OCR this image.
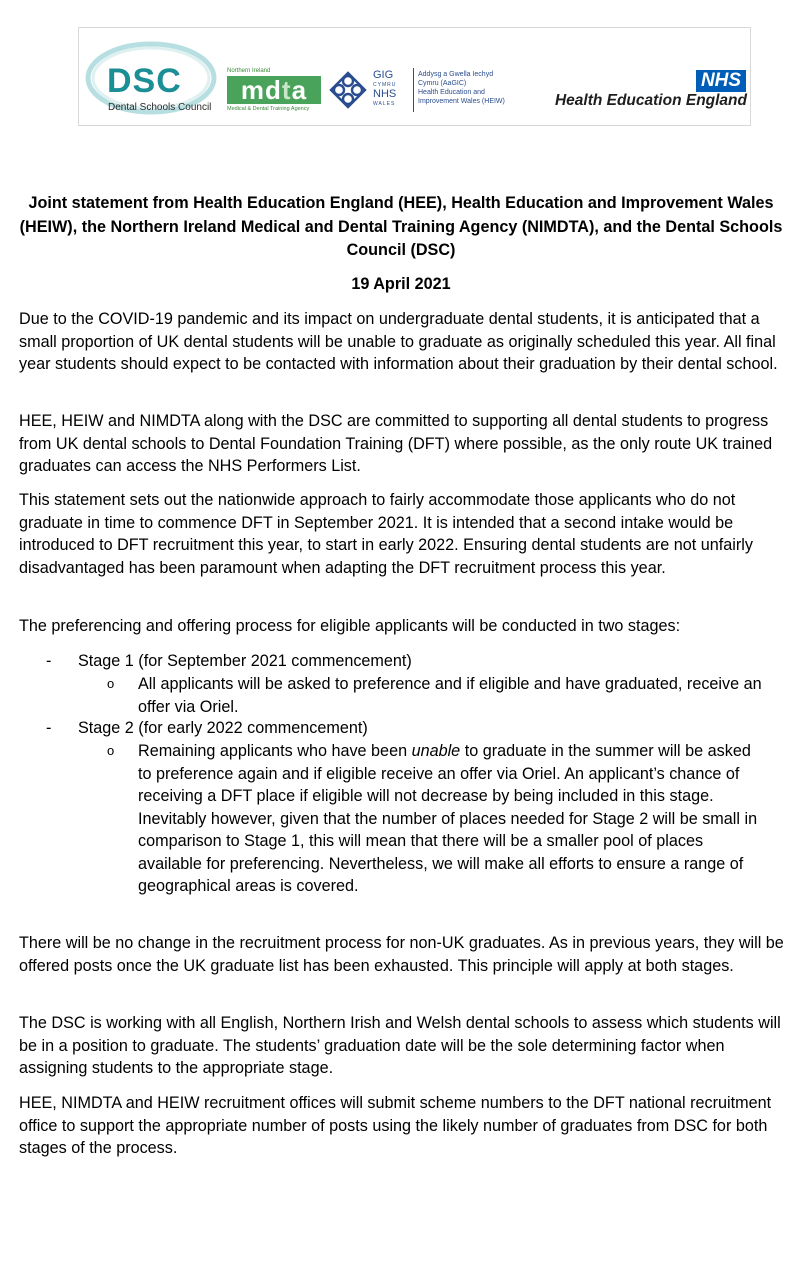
DSC
Dental Schools Council
Northern Ireland
mdta
Medical & Dental Training Agency
GIG
CYMRU
NHS
WALES
Addysg a Gwella Iechyd
Cymru (AaGIC)
Health Education and
Improvement Wales (HEIW)
NHS
Health Education England
Joint statement from Health Education England (HEE), Health Education and Improvement Wales (HEIW), the Northern Ireland Medical and Dental Training Agency (NIMDTA), and the Dental Schools Council (DSC)

19 April 2021

Due to the COVID-19 pandemic and its impact on undergraduate dental students, it is anticipated that a small proportion of UK dental students will be unable to graduate as originally scheduled this year. All final year students should expect to be contacted with information about their graduation by their dental school.

HEE, HEIW and NIMDTA along with the DSC are committed to supporting all dental students to progress from UK dental schools to Dental Foundation Training (DFT) where possible, as the only route UK trained graduates can access the NHS Performers List.

This statement sets out the nationwide approach to fairly accommodate those applicants who do not graduate in time to commence DFT in September 2021. It is intended that a second intake would be introduced to DFT recruitment this year, to start in early 2022. Ensuring dental students are not unfairly disadvantaged has been paramount when adapting the DFT recruitment process this year.

The preferencing and offering process for eligible applicants will be conducted in two stages:

- Stage 1 (for September 2021 commencement)

o All applicants will be asked to preference and if eligible and have graduated, receive an offer via Oriel.

- Stage 2 (for early 2022 commencement)

o Remaining applicants who have been unable to graduate in the summer will be asked to preference again and if eligible receive an offer via Oriel. An applicant’s chance of receiving a DFT place if eligible will not decrease by being included in this stage. Inevitably however, given that the number of places needed for Stage 2 will be small in comparison to Stage 1, this will mean that there will be a smaller pool of places available for preferencing. Nevertheless, we will make all efforts to ensure a range of geographical areas is covered.

There will be no change in the recruitment process for non-UK graduates. As in previous years, they will be offered posts once the UK graduate list has been exhausted. This principle will apply at both stages.

The DSC is working with all English, Northern Irish and Welsh dental schools to assess which students will be in a position to graduate. The students’ graduation date will be the sole determining factor when assigning students to the appropriate stage.

HEE, NIMDTA and HEIW recruitment offices will submit scheme numbers to the DFT national recruitment office to support the appropriate number of posts using the likely number of graduates from DSC for both stages of the process.
